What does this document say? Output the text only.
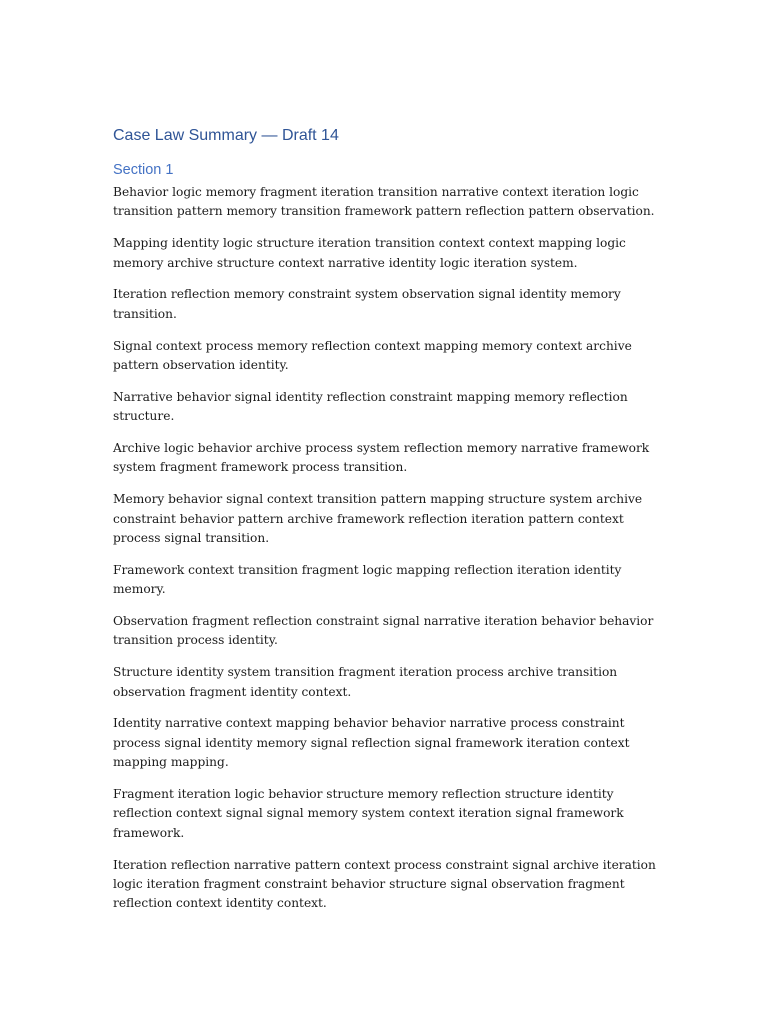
Case Law Summary — Draft 14
Section 1

Behavior logic memory fragment iteration transition narrative context iteration logic transition pattern memory transition framework pattern reflection pattern observation.

Mapping identity logic structure iteration transition context context mapping logic memory archive structure context narrative identity logic iteration system.

Iteration reflection memory constraint system observation signal identity memory transition.

Signal context process memory reflection context mapping memory context archive pattern observation identity.

Narrative behavior signal identity reflection constraint mapping memory reflection structure.

Archive logic behavior archive process system reflection memory narrative framework system fragment framework process transition.

Memory behavior signal context transition pattern mapping structure system archive constraint behavior pattern archive framework reflection iteration pattern context process signal transition.

Framework context transition fragment logic mapping reflection iteration identity memory.

Observation fragment reflection constraint signal narrative iteration behavior behavior transition process identity.

Structure identity system transition fragment iteration process archive transition observation fragment identity context.

Identity narrative context mapping behavior behavior narrative process constraint process signal identity memory signal reflection signal framework iteration context mapping mapping.

Fragment iteration logic behavior structure memory reflection structure identity reflection context signal signal memory system context iteration signal framework framework.

Iteration reflection narrative pattern context process constraint signal archive iteration logic iteration fragment constraint behavior structure signal observation fragment reflection context identity context.
